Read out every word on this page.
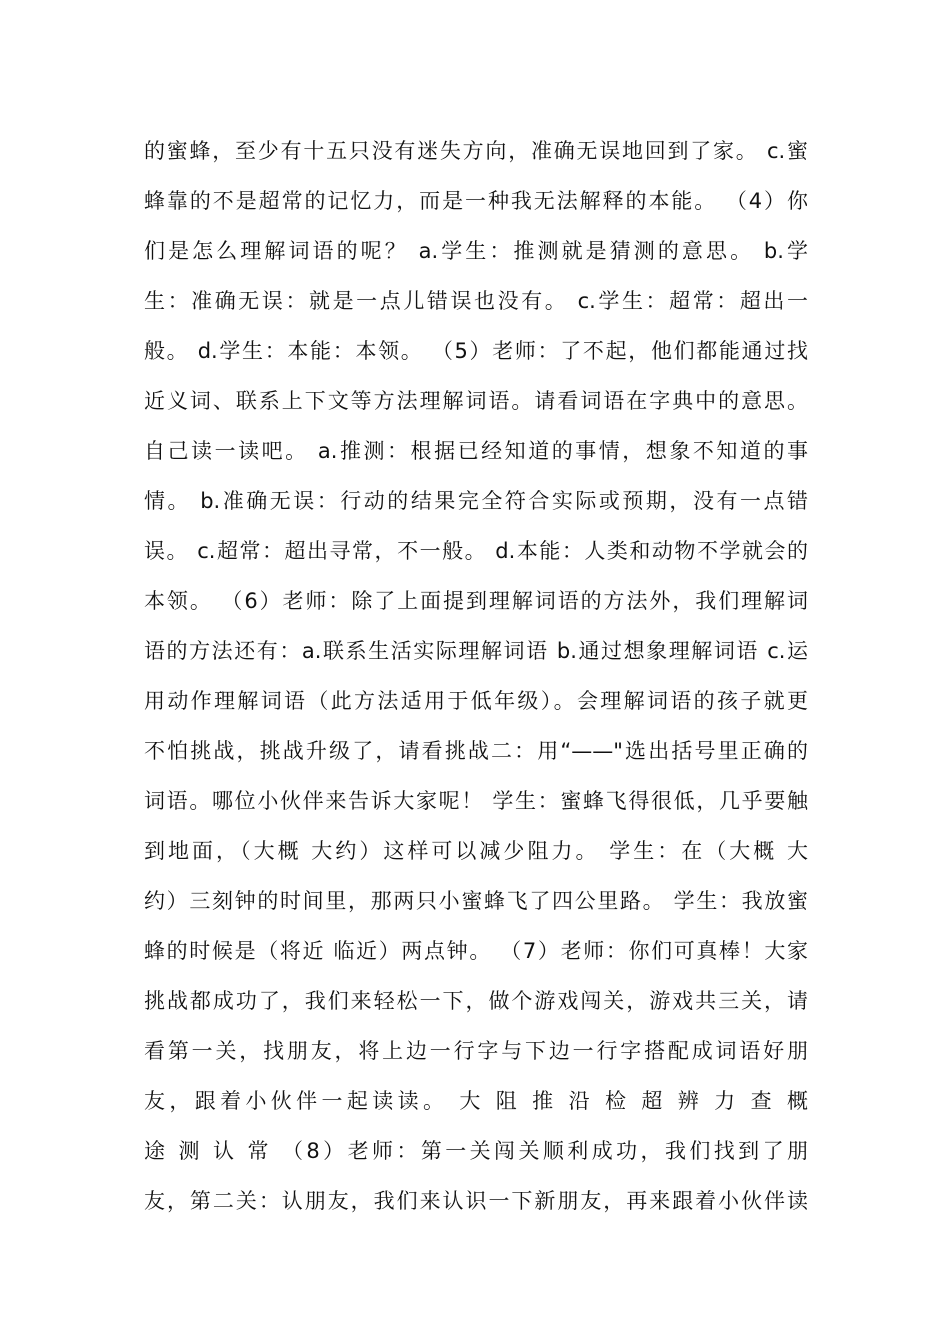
的蜜蜂，至少有十五只没有迷失方向，准确无误地回到了家。 c.蜜
蜂靠的不是超常的记忆力，而是一种我无法解释的本能。 （4）你
们是怎么理解词语的呢？ a.学生：推测就是猜测的意思。 b.学
生：准确无误：就是一点儿错误也没有。 c.学生：超常：超出一
般。 d.学生：本能：本领。 （5）老师：了不起，他们都能通过找
近义词、联系上下文等方法理解词语。请看词语在字典中的意思。
自己读一读吧。 a.推测：根据已经知道的事情，想象不知道的事
情。 b.准确无误：行动的结果完全符合实际或预期，没有一点错
误。 c.超常：超出寻常，不一般。 d.本能：人类和动物不学就会的
本领。 （6）老师：除了上面提到理解词语的方法外，我们理解词
语的方法还有：a.联系生活实际理解词语 b.通过想象理解词语 c.运
用动作理解词语（此方法适用于低年级）。会理解词语的孩子就更
不怕挑战，挑战升级了，请看挑战二：用“——"选出括号里正确的
词语。哪位小伙伴来告诉大家呢！ 学生：蜜蜂飞得很低，几乎要触
到地面，（大概 大约）这样可以减少阻力。 学生：在（大概 大
约）三刻钟的时间里，那两只小蜜蜂飞了四公里路。 学生：我放蜜
蜂的时候是（将近 临近）两点钟。 （7）老师：你们可真棒！大家
挑战都成功了，我们来轻松一下，做个游戏闯关，游戏共三关，请
看第一关，找朋友，将上边一行字与下边一行字搭配成词语好朋
友，跟着小伙伴一起读读。 大 阻 推 沿 检 超 辨 力 查 概
途 测 认 常 （8）老师：第一关闯关顺利成功，我们找到了朋
友，第二关：认朋友，我们来认识一下新朋友，再来跟着小伙伴读
